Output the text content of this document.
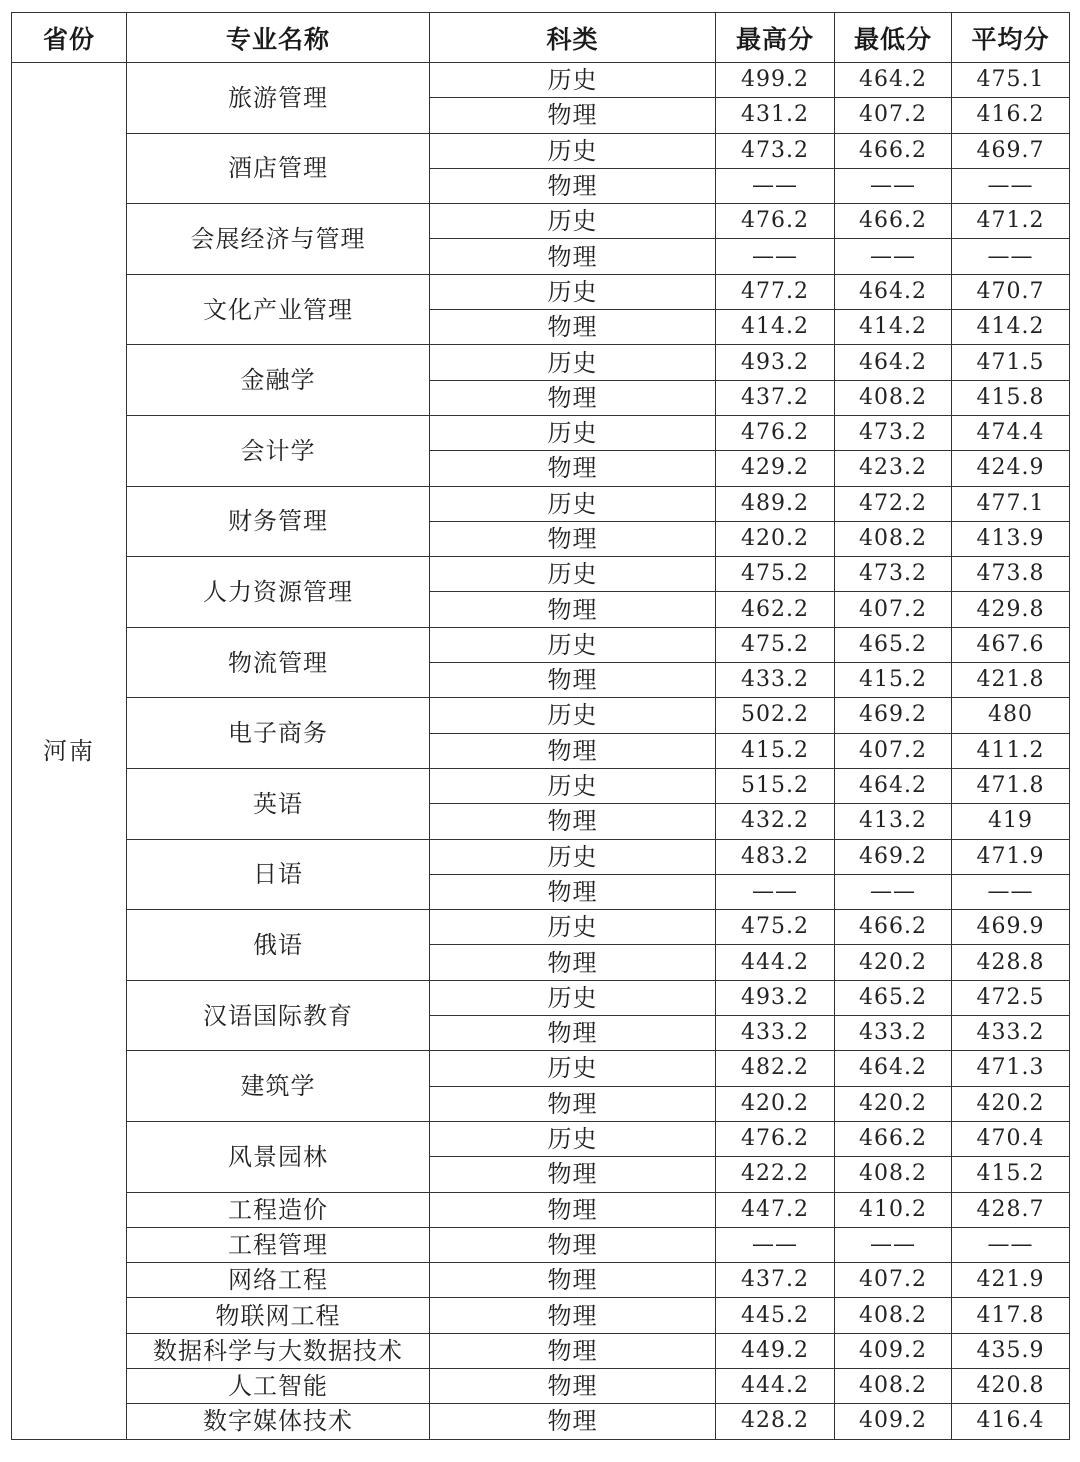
省份	专业名称	科类	最高分	最低分	平均分
河南	旅游管理	历史	499.2	464.2	475.1
		物理	431.2	407.2	416.2
	酒店管理	历史	473.2	466.2	469.7
		物理	——	——	——
	会展经济与管理	历史	476.2	466.2	471.2
		物理	——	——	——
	文化产业管理	历史	477.2	464.2	470.7
		物理	414.2	414.2	414.2
	金融学	历史	493.2	464.2	471.5
		物理	437.2	408.2	415.8
	会计学	历史	476.2	473.2	474.4
		物理	429.2	423.2	424.9
	财务管理	历史	489.2	472.2	477.1
		物理	420.2	408.2	413.9
	人力资源管理	历史	475.2	473.2	473.8
		物理	462.2	407.2	429.8
	物流管理	历史	475.2	465.2	467.6
		物理	433.2	415.2	421.8
	电子商务	历史	502.2	469.2	480
		物理	415.2	407.2	411.2
	英语	历史	515.2	464.2	471.8
		物理	432.2	413.2	419
	日语	历史	483.2	469.2	471.9
		物理	——	——	——
	俄语	历史	475.2	466.2	469.9
		物理	444.2	420.2	428.8
	汉语国际教育	历史	493.2	465.2	472.5
		物理	433.2	433.2	433.2
	建筑学	历史	482.2	464.2	471.3
		物理	420.2	420.2	420.2
	风景园林	历史	476.2	466.2	470.4
		物理	422.2	408.2	415.2
	工程造价	物理	447.2	410.2	428.7
	工程管理	物理	——	——	——
	网络工程	物理	437.2	407.2	421.9
	物联网工程	物理	445.2	408.2	417.8
	数据科学与大数据技术	物理	449.2	409.2	435.9
	人工智能	物理	444.2	408.2	420.8
	数字媒体技术	物理	428.2	409.2	416.4
